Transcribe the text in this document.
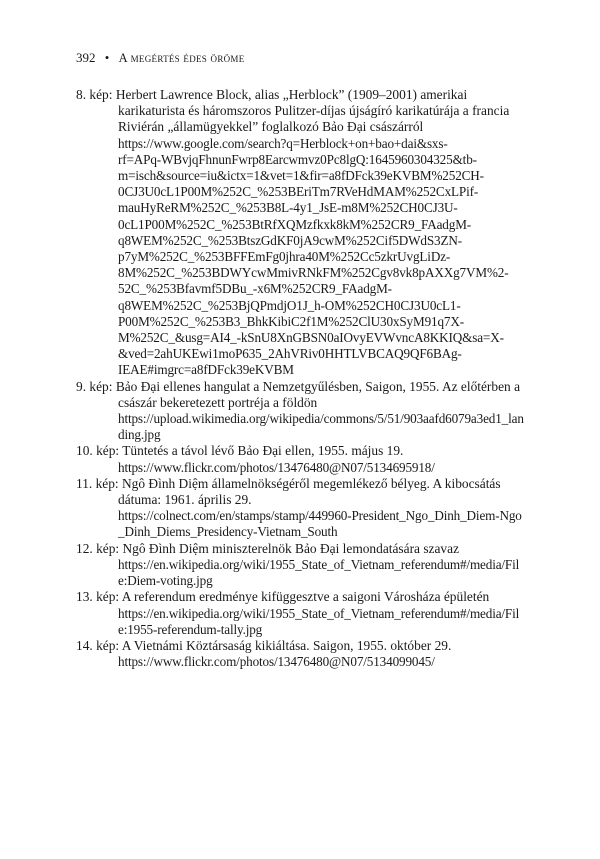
392 • A megértés édes öröme

8. kép: Herbert Lawrence Block, alias „Herblock” (1909–2001) amerikai karikaturista és háromszoros Pulitzer-díjas újságíró karikatúrája a francia Riviérán „államügyekkel” foglalkozó Bảo Đại császárról
https://www.google.com/search?q=Herblock+on+bao+dai&sxs-
rf=APq-WBvjqFhnunFwrp8Earcwmvz0Pc8lgQ:1645960304325&tb-
m=isch&source=iu&ictx=1&vet=1&fir=a8fDFck39eKVBM%252CH-
0CJ3U0cL1P00M%252C_%253BEriTm7RVeHdMAM%252CxLPif-
mauHyReRM%252C_%253B8L-4y1_JsE-m8M%252CH0CJ3U-
0cL1P00M%252C_%253BtRfXQMzfkxk8kM%252CR9_FAadgM-
q8WEM%252C_%253BtszGdKF0jA9cwM%252Cif5DWdS3ZN-
p7yM%252C_%253BFFEmFg0jhra40M%252Cc5zkrUvgLiDz-
8M%252C_%253BDWYcwMmivRNkFM%252Cgv8vk8pAXXg7VM%2-
52C_%253Bfavmf5DBu_-x6M%252CR9_FAadgM-
q8WEM%252C_%253BjQPmdjO1J_h-OM%252CH0CJ3U0cL1-
P00M%252C_%253B3_BhkKibiC2f1M%252ClU30xSyM91q7X-
M%252C_&usg=AI4_-kSnU8XnGBSN0aIOvyEVWvncA8KKIQ&sa=X-
&ved=2ahUKEwi1moP635_2AhVRiv0HHTLVBCAQ9QF6BAg-
IEAE#imgrc=a8fDFck39eKVBM

9. kép: Bảo Đại ellenes hangulat a Nemzetgyűlésben, Saigon, 1955. Az előtérben a császár bekeretezett portréja a földön
https://upload.wikimedia.org/wikipedia/commons/5/51/903aafd6079a3ed1_landing.jpg

10. kép: Tüntetés a távol lévő Bảo Đại ellen, 1955. május 19.
https://www.flickr.com/photos/13476480@N07/5134695918/

11. kép: Ngô Đình Diệm államelnökségéről megemlékező bélyeg. A kibocsátás dátuma: 1961. április 29.
https://colnect.com/en/stamps/stamp/449960-President_Ngo_Dinh_Diem-Ngo_Dinh_Diems_Presidency-Vietnam_South

12. kép: Ngô Đình Diệm miniszterelnök Bảo Đại lemondatására szavaz
https://en.wikipedia.org/wiki/1955_State_of_Vietnam_referendum#/media/File:Diem-voting.jpg

13. kép: A referendum eredménye kifüggesztve a saigoni Városháza épületén
https://en.wikipedia.org/wiki/1955_State_of_Vietnam_referendum#/media/File:1955-referendum-tally.jpg

14. kép: A Vietnámi Köztársaság kikiáltása. Saigon, 1955. október 29.
https://www.flickr.com/photos/13476480@N07/5134099045/
